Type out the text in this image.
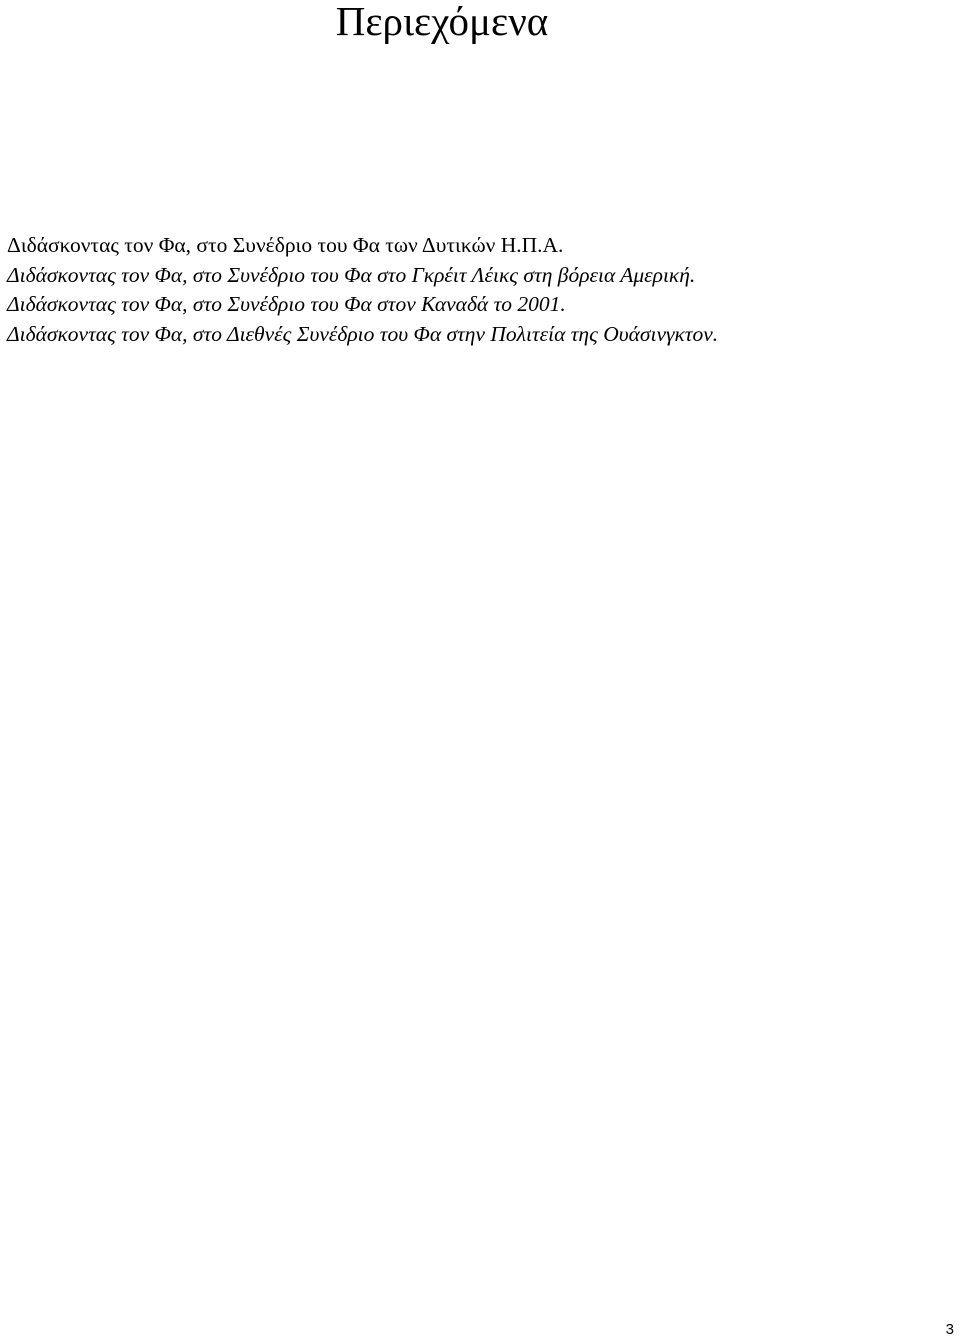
Περιεχόμενα
Διδάσκοντας τον Φα, στο Συνέδριο του Φα των Δυτικών Η.Π.Α.
Διδάσκοντας τον Φα, στο Συνέδριο του Φα στο Γκρέιτ Λέικς στη βόρεια Αμερική.
Διδάσκοντας τον Φα, στο Συνέδριο του Φα στον Καναδά το 2001.
Διδάσκοντας τον Φα, στο Διεθνές Συνέδριο του Φα στην Πολιτεία της Ουάσινγκτον.
3
